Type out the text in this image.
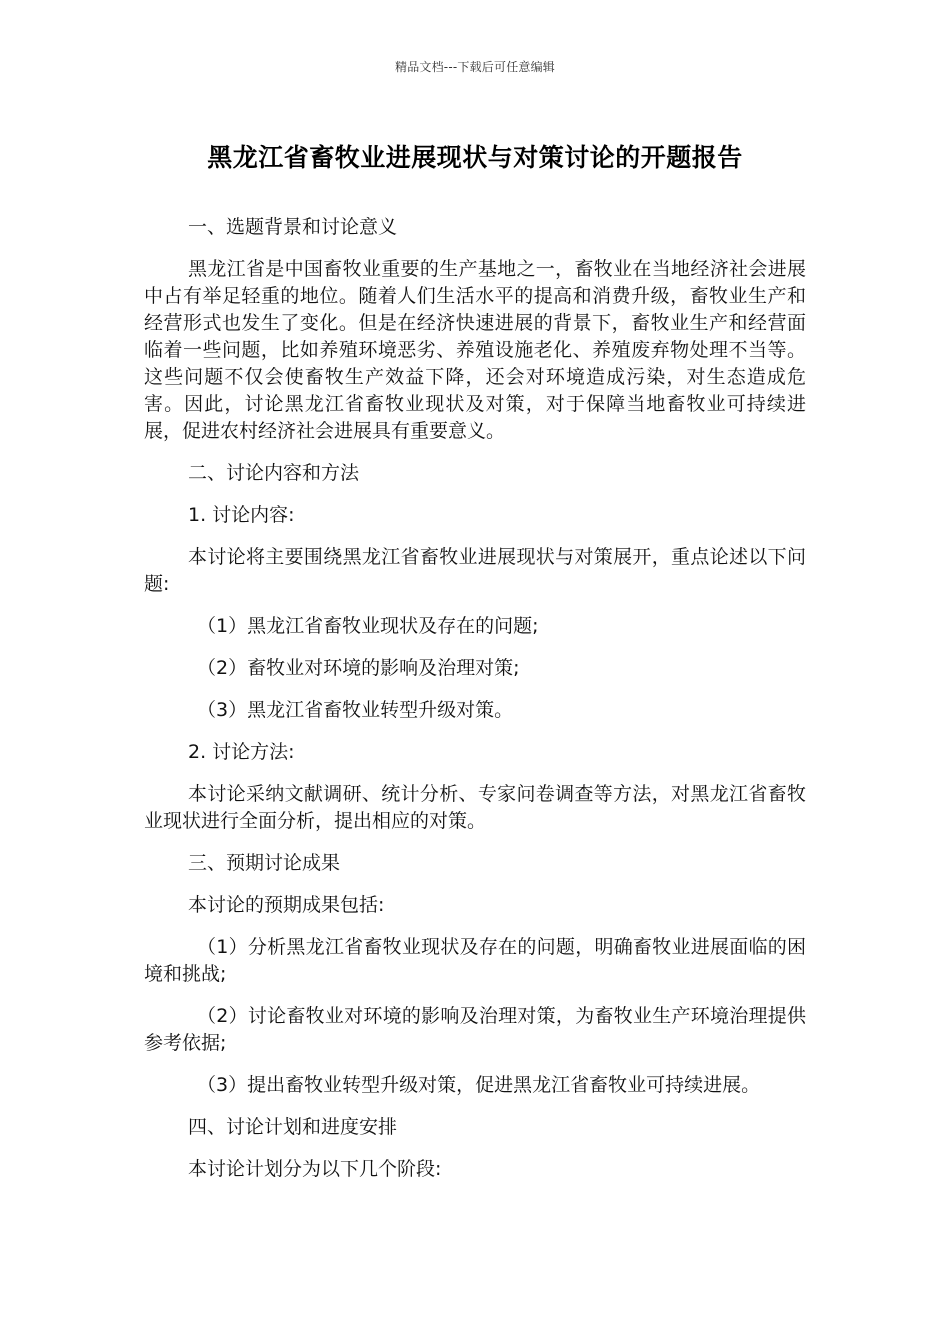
精品文档---下载后可任意编辑
黑龙江省畜牧业进展现状与对策讨论的开题报告

一、选题背景和讨论意义

黑龙江省是中国畜牧业重要的生产基地之一，畜牧业在当地经济社会进展中占有举足轻重的地位。随着人们生活水平的提高和消费升级，畜牧业生产和经营形式也发生了变化。但是在经济快速进展的背景下，畜牧业生产和经营面临着一些问题，比如养殖环境恶劣、养殖设施老化、养殖废弃物处理不当等。这些问题不仅会使畜牧生产效益下降，还会对环境造成污染，对生态造成危害。因此，讨论黑龙江省畜牧业现状及对策，对于保障当地畜牧业可持续进展，促进农村经济社会进展具有重要意义。

二、讨论内容和方法

1. 讨论内容:

本讨论将主要围绕黑龙江省畜牧业进展现状与对策展开，重点论述以下问题:

（1）黑龙江省畜牧业现状及存在的问题;

（2）畜牧业对环境的影响及治理对策;

（3）黑龙江省畜牧业转型升级对策。

2. 讨论方法:

本讨论采纳文献调研、统计分析、专家问卷调查等方法，对黑龙江省畜牧业现状进行全面分析，提出相应的对策。

三、预期讨论成果

本讨论的预期成果包括:

（1）分析黑龙江省畜牧业现状及存在的问题，明确畜牧业进展面临的困境和挑战;

（2）讨论畜牧业对环境的影响及治理对策，为畜牧业生产环境治理提供参考依据;

（3）提出畜牧业转型升级对策，促进黑龙江省畜牧业可持续进展。

四、讨论计划和进度安排

本讨论计划分为以下几个阶段:
